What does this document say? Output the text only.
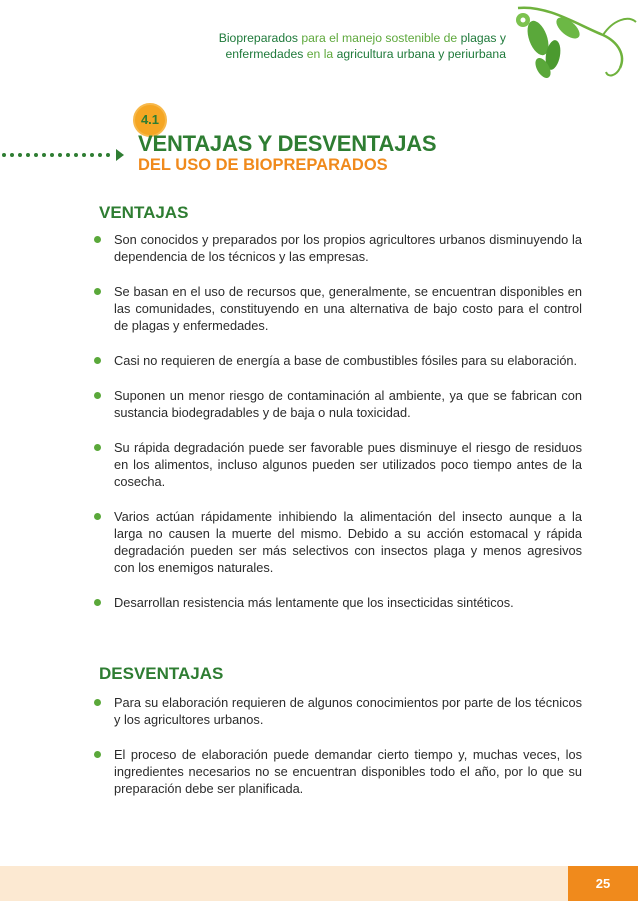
Biopreparados para el manejo sostenible de plagas y
enfermedades en la agricultura urbana y periurbana
4.1
VENTAJAS Y DESVENTAJAS
DEL USO DE BIOPREPARADOS
VENTAJAS
Son conocidos y preparados por los propios agricultores urbanos disminuyendo la dependencia de los técnicos y las empresas.
Se basan en el uso de recursos que, generalmente, se encuentran disponibles en las comunidades, constituyendo en una alternativa de bajo costo para el control de plagas y enfermedades.
Casi no requieren de energía a base de combustibles fósiles para su elaboración.
Suponen un menor riesgo de contaminación al ambiente, ya que se fabrican con sustancia biodegradables y de baja o nula toxicidad.
Su rápida degradación puede ser favorable pues disminuye el riesgo de residuos en los alimentos, incluso algunos pueden ser utilizados poco tiempo antes de la cosecha.
Varios actúan rápidamente inhibiendo la alimentación del insecto aunque a la larga no causen la muerte del mismo. Debido a su acción estomacal y rápida degradación pueden ser más selectivos con insectos plaga y menos agresivos con los enemigos naturales.
Desarrollan resistencia más lentamente que los insecticidas sintéticos.
DESVENTAJAS
Para su elaboración requieren de algunos conocimientos por parte de los técnicos y los agricultores urbanos.
El proceso de elaboración puede demandar cierto tiempo y, muchas veces, los ingredientes necesarios no se encuentran disponibles todo el año, por lo que su preparación debe ser planificada.
25
